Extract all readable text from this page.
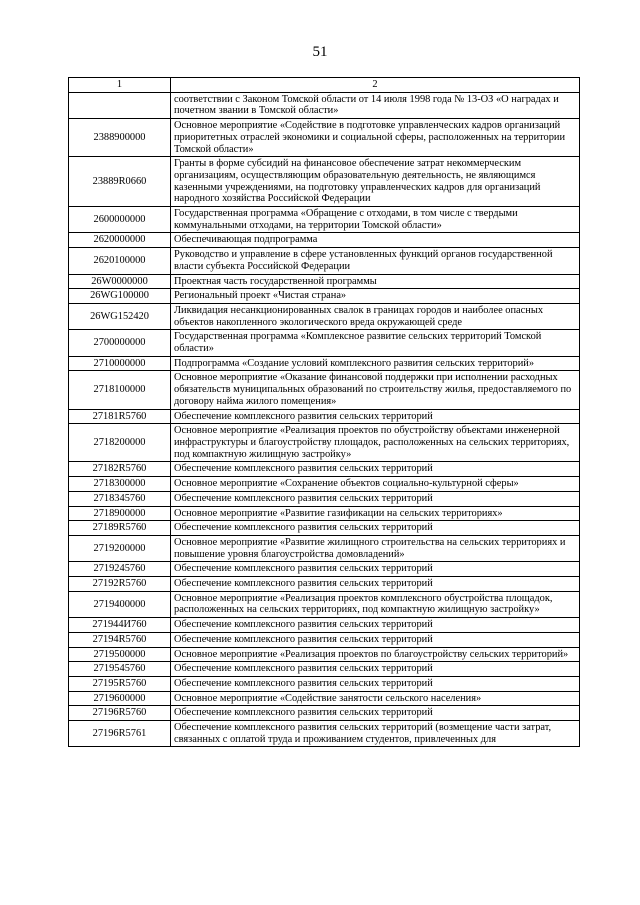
51
1	2
	соответствии с Законом Томской области от 14 июля 1998 года № 13-ОЗ «О наградах и почетном звании в Томской области»
2388900000	Основное мероприятие «Содействие в подготовке управленческих кадров организаций приоритетных отраслей экономики и социальной сферы, расположенных на территории Томской области»
23889R0660	Гранты в форме субсидий на финансовое обеспечение затрат некоммерческим организациям, осуществляющим образовательную деятельность, не являющимся казенными учреждениями, на подготовку управленческих кадров для организаций народного хозяйства Российской Федерации
2600000000	Государственная программа «Обращение с отходами, в том числе с твердыми коммунальными отходами, на территории Томской области»
2620000000	Обеспечивающая подпрограмма
2620100000	Руководство и управление в сфере установленных функций органов государственной власти субъекта Российской Федерации
26W0000000	Проектная часть государственной программы
26WG100000	Региональный проект «Чистая страна»
26WG152420	Ликвидация несанкционированных свалок в границах городов и наиболее опасных объектов накопленного экологического вреда окружающей среде
2700000000	Государственная программа «Комплексное развитие сельских территорий Томской области»
2710000000	Подпрограмма «Создание условий комплексного развития сельских территорий»
2718100000	Основное мероприятие «Оказание финансовой поддержки при исполнении расходных обязательств муниципальных образований по строительству жилья, предоставляемого по договору найма жилого помещения»
27181R5760	Обеспечение комплексного развития сельских территорий
2718200000	Основное мероприятие «Реализация проектов по обустройству объектами инженерной инфраструктуры и благоустройству площадок, расположенных на сельских территориях, под компактную жилищную застройку»
27182R5760	Обеспечение комплексного развития сельских территорий
2718300000	Основное мероприятие «Сохранение объектов социально-культурной сферы»
2718345760	Обеспечение комплексного развития сельских территорий
2718900000	Основное мероприятие «Развитие газификации на сельских территориях»
27189R5760	Обеспечение комплексного развития сельских территорий
2719200000	Основное мероприятие «Развитие жилищного строительства на сельских территориях и повышение уровня благоустройства домовладений»
2719245760	Обеспечение комплексного развития сельских территорий
27192R5760	Обеспечение комплексного развития сельских территорий
2719400000	Основное мероприятие «Реализация проектов комплексного обустройства площадок, расположенных на сельских территориях, под компактную жилищную застройку»
271944И760	Обеспечение комплексного развития сельских территорий
27194R5760	Обеспечение комплексного развития сельских территорий
2719500000	Основное мероприятие «Реализация проектов по благоустройству сельских территорий»
2719545760	Обеспечение комплексного развития сельских территорий
27195R5760	Обеспечение комплексного развития сельских территорий
2719600000	Основное мероприятие «Содействие занятости сельского населения»
27196R5760	Обеспечение комплексного развития сельских территорий
27196R5761	Обеспечение комплексного развития сельских территорий (возмещение части затрат, связанных с оплатой труда и проживанием студентов, привлеченных для
